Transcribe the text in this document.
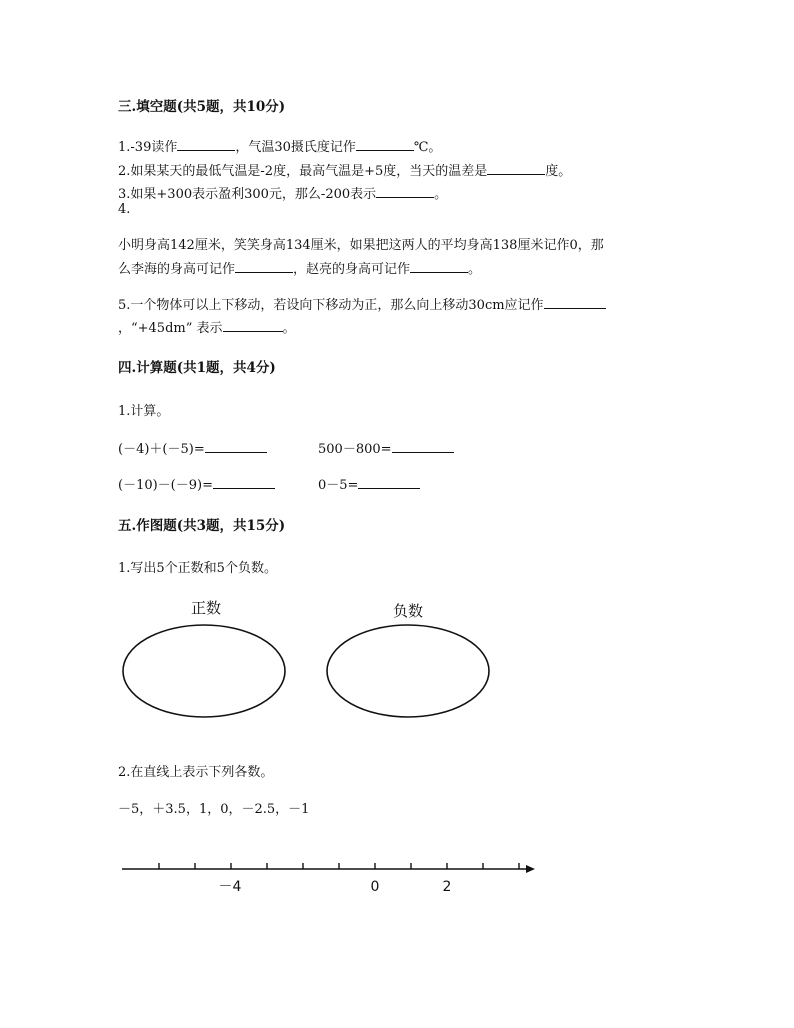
三.填空题(共5题，共10分)
1.-39读作	，气温30摄氏度记作	℃。
2.如果某天的最低气温是-2度，最高气温是+5度，当天的温差是	度。
3.如果+300表示盈利300元，那么-200表示	。
4.
小明身高142厘米，笑笑身高134厘米，如果把这两人的平均身高138厘米记作0，那
么李海的身高可记作	，赵亮的身高可记作	。
5.一个物体可以上下移动，若设向下移动为正，那么向上移动30cm应记作
，“+45dm” 表示	。
四.计算题(共1题，共4分)
1.计算。
(－4)＋(－5)=	500－800=
(－10)－(－9)=	0－5=
五.作图题(共3题，共15分)
1.写出5个正数和5个负数。
正数	负数
－4	0	2
2.在直线上表示下列各数。
－5，＋3.5，1，0，－2.5，－1
